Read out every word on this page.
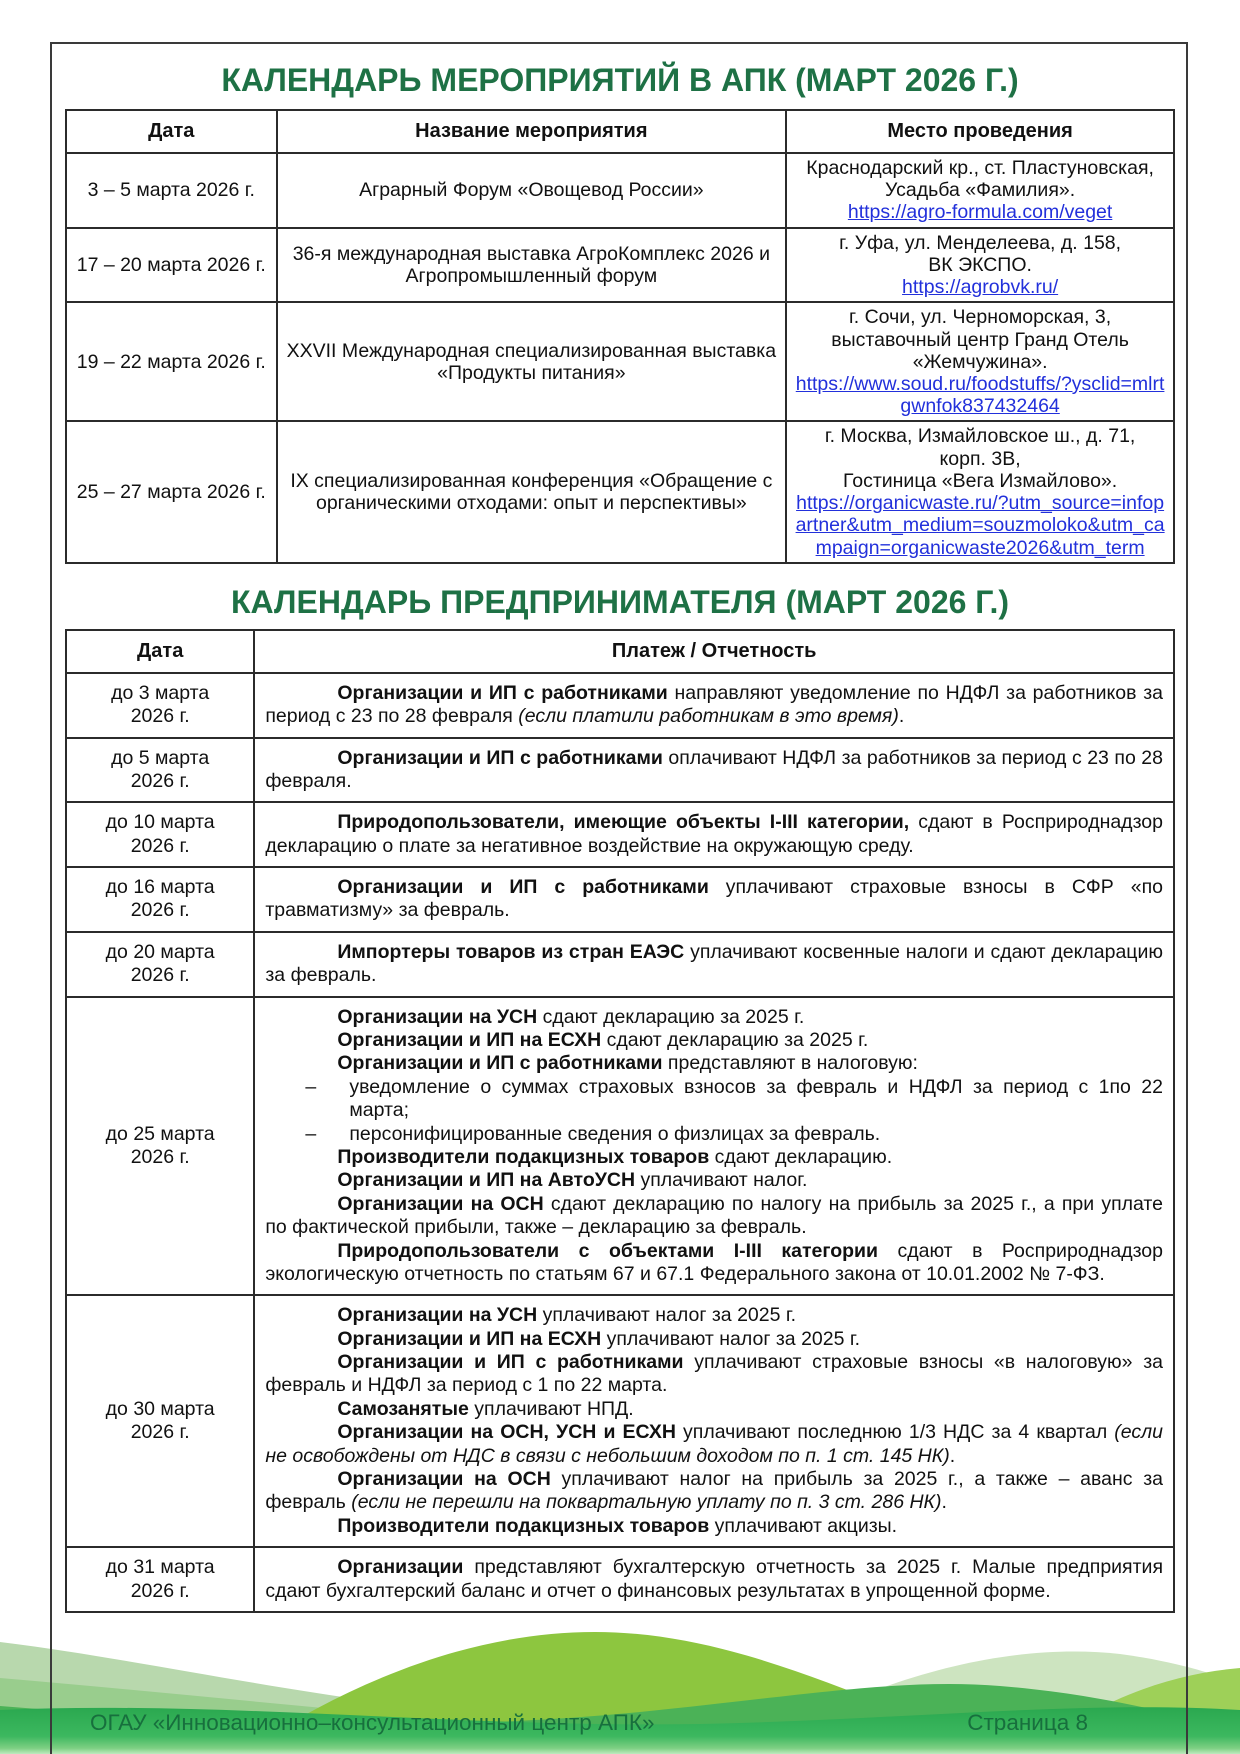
КАЛЕНДАРЬ МЕРОПРИЯТИЙ В АПК (МАРТ 2026 Г.)
Дата	Название мероприятия	Место проведения
3 – 5 марта 2026 г.	Аграрный Форум «Овощевод России»	Краснодарский кр., ст. Пластуновская,
Усадьба «Фамилия».
https://agro-formula.com/veget

17 – 20 марта 2026 г.	36-я международная выставка АгроКомплекс 2026 и Агропромышленный форум	г. Уфа, ул. Менделеева, д. 158,
ВК ЭКСПО.
https://agrobvk.ru/

19 – 22 марта 2026 г.	XXVII Международная специализированная выставка «Продукты питания»	г. Сочи, ул. Черноморская, 3,
выставочный центр Гранд Отель
«Жемчужина».
https://www.soud.ru/foodstuffs/?ysclid=mlrtgwnfok837432464

25 – 27 марта 2026 г.	IX специализированная конференция «Обращение с органическими отходами: опыт и перспективы»	г. Москва, Измайловское ш., д. 71,
корп. 3В,
Гостиница «Вега Измайлово».
https://organicwaste.ru/?utm_source=infopartner&utm_medium=souzmoloko&utm_campaign=organicwaste2026&utm_term
КАЛЕНДАРЬ ПРЕДПРИНИМАТЕЛЯ (МАРТ 2026 Г.)
Дата	Платеж / Отчетность

до 3 марта 2026 г.	Организации и ИП с работниками направляют уведомление по НДФЛ за работников за период с 23 по 28 февраля (если платили работникам в это время).

до 5 марта 2026 г.	Организации и ИП с работниками оплачивают НДФЛ за работников за период с 23 по 28 февраля.

до 10 марта 2026 г.	Природопользователи, имеющие объекты I-III категории, сдают в Росприроднадзор декларацию о плате за негативное воздействие на окружающую среду.

до 16 марта 2026 г.	Организации и ИП с работниками уплачивают страховые взносы в СФР «по травматизму» за февраль.

до 20 марта 2026 г.	Импортеры товаров из стран ЕАЭС уплачивают косвенные налоги и сдают декларацию за февраль.

до 25 марта 2026 г.

Организации на УСН сдают декларацию за 2025 г.
Организации и ИП на ЕСХН сдают декларацию за 2025 г.
Организации и ИП с работниками представляют в налоговую:
– уведомление о суммах страховых взносов за февраль и НДФЛ за период с 1по 22 марта;
– персонифицированные сведения о физлицах за февраль.
Производители подакцизных товаров сдают декларацию.
Организации и ИП на АвтоУСН уплачивают налог.
Организации на ОСН сдают декларацию по налогу на прибыль за 2025 г., а при уплате по фактической прибыли, также – декларацию за февраль.
Природопользователи с объектами I-III категории сдают в Росприроднадзор экологическую отчетность по статьям 67 и 67.1 Федерального закона от 10.01.2002 № 7-ФЗ.

до 30 марта 2026 г.

Организации на УСН уплачивают налог за 2025 г.
Организации и ИП на ЕСХН уплачивают налог за 2025 г.
Организации и ИП с работниками уплачивают страховые взносы «в налоговую» за февраль и НДФЛ за период с 1 по 22 марта.
Самозанятые уплачивают НПД.
Организации на ОСН, УСН и ЕСХН уплачивают последнюю 1/3 НДС за 4 квартал (если не освобождены от НДС в связи с небольшим доходом по п. 1 ст. 145 НК).
Организации на ОСН уплачивают налог на прибыль за 2025 г., а также – аванс за февраль (если не перешли на поквартальную уплату по п. 3 ст. 286 НК).
Производители подакцизных товаров уплачивают акцизы.

до 31 марта 2026 г.	Организации представляют бухгалтерскую отчетность за 2025 г. Малые предприятия сдают бухгалтерский баланс и отчет о финансовых результатах в упрощенной форме.
ОГАУ «Инновационно–консультационный центр АПК»	Страница 8
